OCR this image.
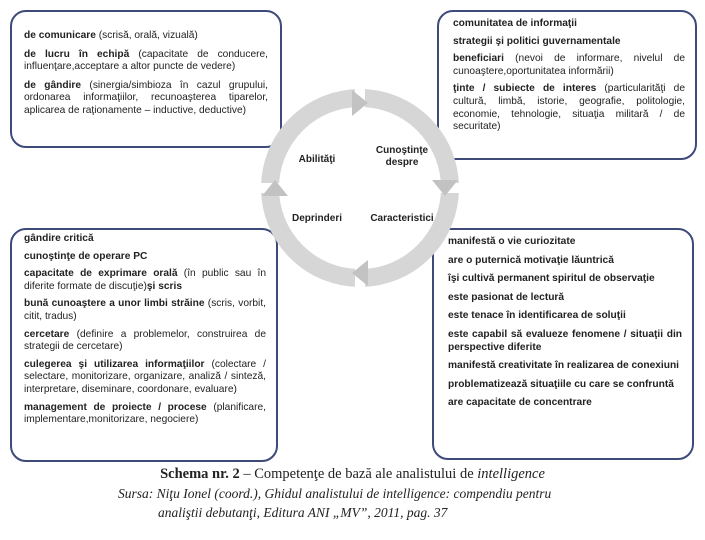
de comunicare (scrisă, orală, vizuală)
de lucru în echipă (capacitate de conducere, influenţare,acceptare a altor puncte de vedere)
de gândire (sinergia/simbioza în cazul grupului, ordonarea informaţiilor, recunoaşterea tiparelor, aplicarea de raţionamente – inductive, deductive)
comunitatea de informaţii
strategii şi politici guvernamentale
beneficiari (nevoi de informare, nivelul de cunoaştere,oportunitatea informării)
ţinte / subiecte de interes (particularităţi de cultură, limbă, istorie, geografie, politologie, economie, tehnologie, situaţia militară / de securitate)
gândire critică
cunoştinţe de operare PC
capacitate de exprimare orală (în public sau în diferite formate de discuţie)şi scris
bună cunoaştere a unor limbi străine (scris, vorbit, citit, tradus)
cercetare (definire a problemelor, construirea de strategii de cercetare)
culegerea şi utilizarea informaţiilor (colectare / selectare, monitorizare, organizare, analiză / sinteză, interpretare, diseminare, coordonare, evaluare)
management de proiecte / procese (planificare, implementare,monitorizare, negociere)
manifestă o vie curiozitate
are o puternică motivaţie lăuntrică
îşi cultivă permanent spiritul de observaţie
este pasionat de lectură
este tenace în identificarea de soluţii
este capabil să evalueze fenomene / situaţii din perspective diferite
manifestă creativitate în realizarea de conexiuni
problematizează situaţiile cu care se confruntă
are capacitate de concentrare
Abilităţi
Cunoştinţe despre
Deprinderi	Caracteristici
Schema nr. 2 – Competenţe de bază ale analistului de intelligence
Sursa: Niţu Ionel (coord.), Ghidul analistului de intelligence: compendiu pentru
analiştii debutanţi, Editura ANI „MV”, 2011, pag. 37
